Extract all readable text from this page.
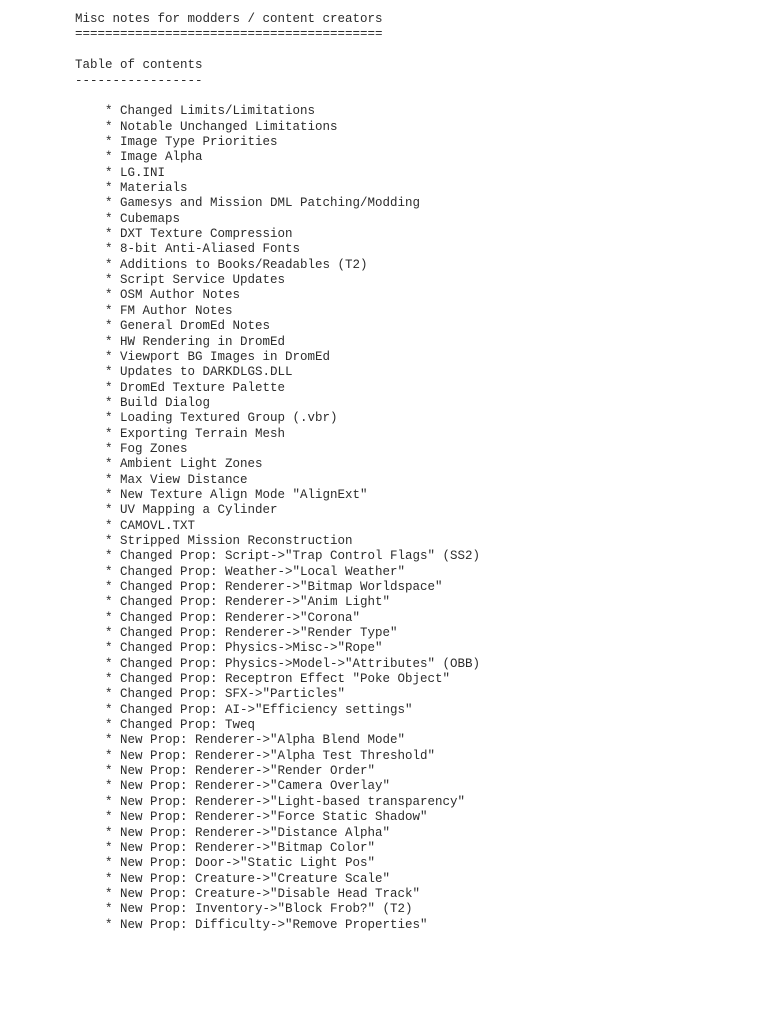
Misc notes for modders / content creators
=========================================
Table of contents
-----------------
* Changed Limits/Limitations
* Notable Unchanged Limitations
* Image Type Priorities
* Image Alpha
* LG.INI
* Materials
* Gamesys and Mission DML Patching/Modding
* Cubemaps
* DXT Texture Compression
* 8-bit Anti-Aliased Fonts
* Additions to Books/Readables (T2)
* Script Service Updates
* OSM Author Notes
* FM Author Notes
* General DromEd Notes
* HW Rendering in DromEd
* Viewport BG Images in DromEd
* Updates to DARKDLGS.DLL
* DromEd Texture Palette
* Build Dialog
* Loading Textured Group (.vbr)
* Exporting Terrain Mesh
* Fog Zones
* Ambient Light Zones
* Max View Distance
* New Texture Align Mode "AlignExt"
* UV Mapping a Cylinder
* CAMOVL.TXT
* Stripped Mission Reconstruction
* Changed Prop: Script->"Trap Control Flags" (SS2)
* Changed Prop: Weather->"Local Weather"
* Changed Prop: Renderer->"Bitmap Worldspace"
* Changed Prop: Renderer->"Anim Light"
* Changed Prop: Renderer->"Corona"
* Changed Prop: Renderer->"Render Type"
* Changed Prop: Physics->Misc->"Rope"
* Changed Prop: Physics->Model->"Attributes" (OBB)
* Changed Prop: Receptron Effect "Poke Object"
* Changed Prop: SFX->"Particles"
* Changed Prop: AI->"Efficiency settings"
* Changed Prop: Tweq
* New Prop: Renderer->"Alpha Blend Mode"
* New Prop: Renderer->"Alpha Test Threshold"
* New Prop: Renderer->"Render Order"
* New Prop: Renderer->"Camera Overlay"
* New Prop: Renderer->"Light-based transparency"
* New Prop: Renderer->"Force Static Shadow"
* New Prop: Renderer->"Distance Alpha"
* New Prop: Renderer->"Bitmap Color"
* New Prop: Door->"Static Light Pos"
* New Prop: Creature->"Creature Scale"
* New Prop: Creature->"Disable Head Track"
* New Prop: Inventory->"Block Frob?" (T2)
* New Prop: Difficulty->"Remove Properties"
